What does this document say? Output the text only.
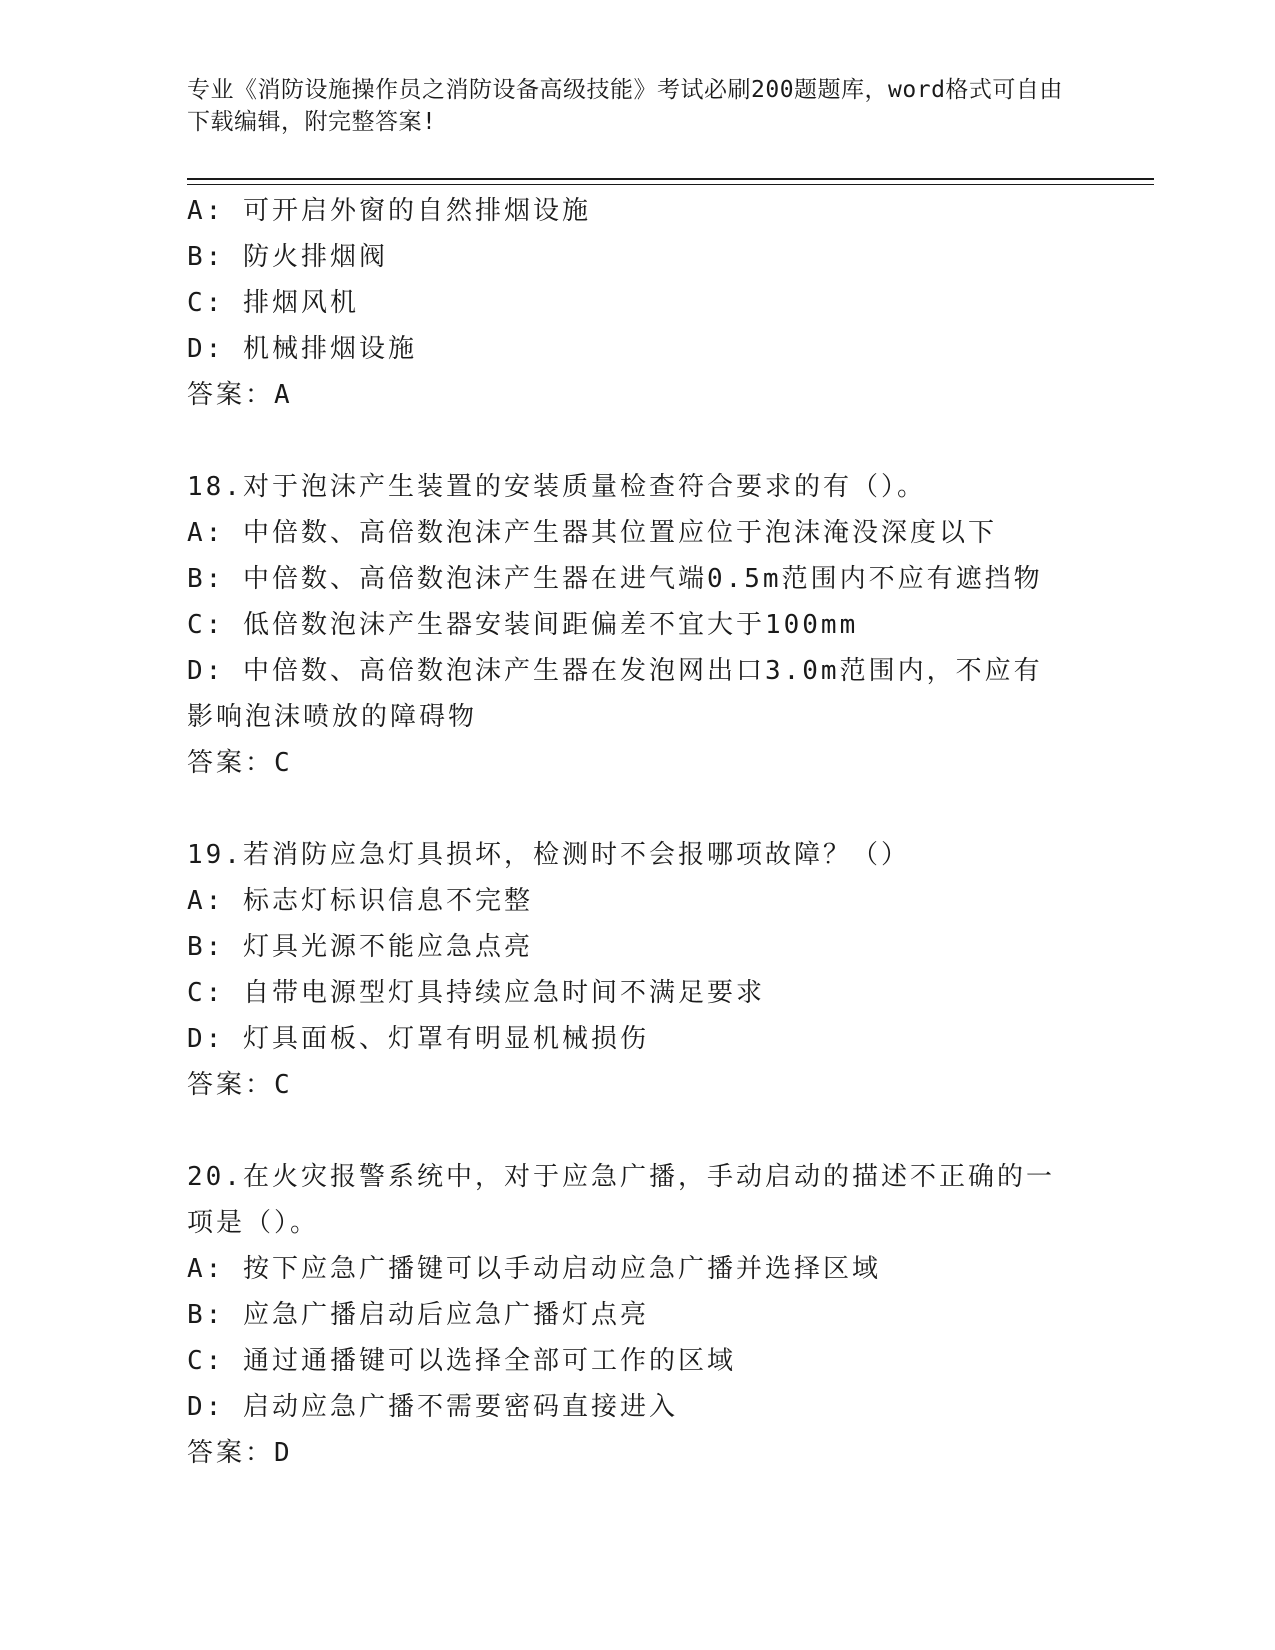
专业《消防设施操作员之消防设备高级技能》考试必刷200题题库，word格式可自由下载编辑，附完整答案!
A: 可开启外窗的自然排烟设施
B: 防火排烟阀
C: 排烟风机
D: 机械排烟设施
答案：A
18.对于泡沫产生装置的安装质量检查符合要求的有（）。
A: 中倍数、高倍数泡沫产生器其位置应位于泡沫淹没深度以下
B: 中倍数、高倍数泡沫产生器在进气端0.5m范围内不应有遮挡物
C: 低倍数泡沫产生器安装间距偏差不宜大于100mm
D: 中倍数、高倍数泡沫产生器在发泡网出口3.0m范围内，不应有影响泡沫喷放的障碍物
答案：C
19.若消防应急灯具损坏，检测时不会报哪项故障？（）
A: 标志灯标识信息不完整
B: 灯具光源不能应急点亮
C: 自带电源型灯具持续应急时间不满足要求
D: 灯具面板、灯罩有明显机械损伤
答案：C
20.在火灾报警系统中，对于应急广播，手动启动的描述不正确的一项是（）。
A: 按下应急广播键可以手动启动应急广播并选择区域
B: 应急广播启动后应急广播灯点亮
C: 通过通播键可以选择全部可工作的区域
D: 启动应急广播不需要密码直接进入
答案：D
